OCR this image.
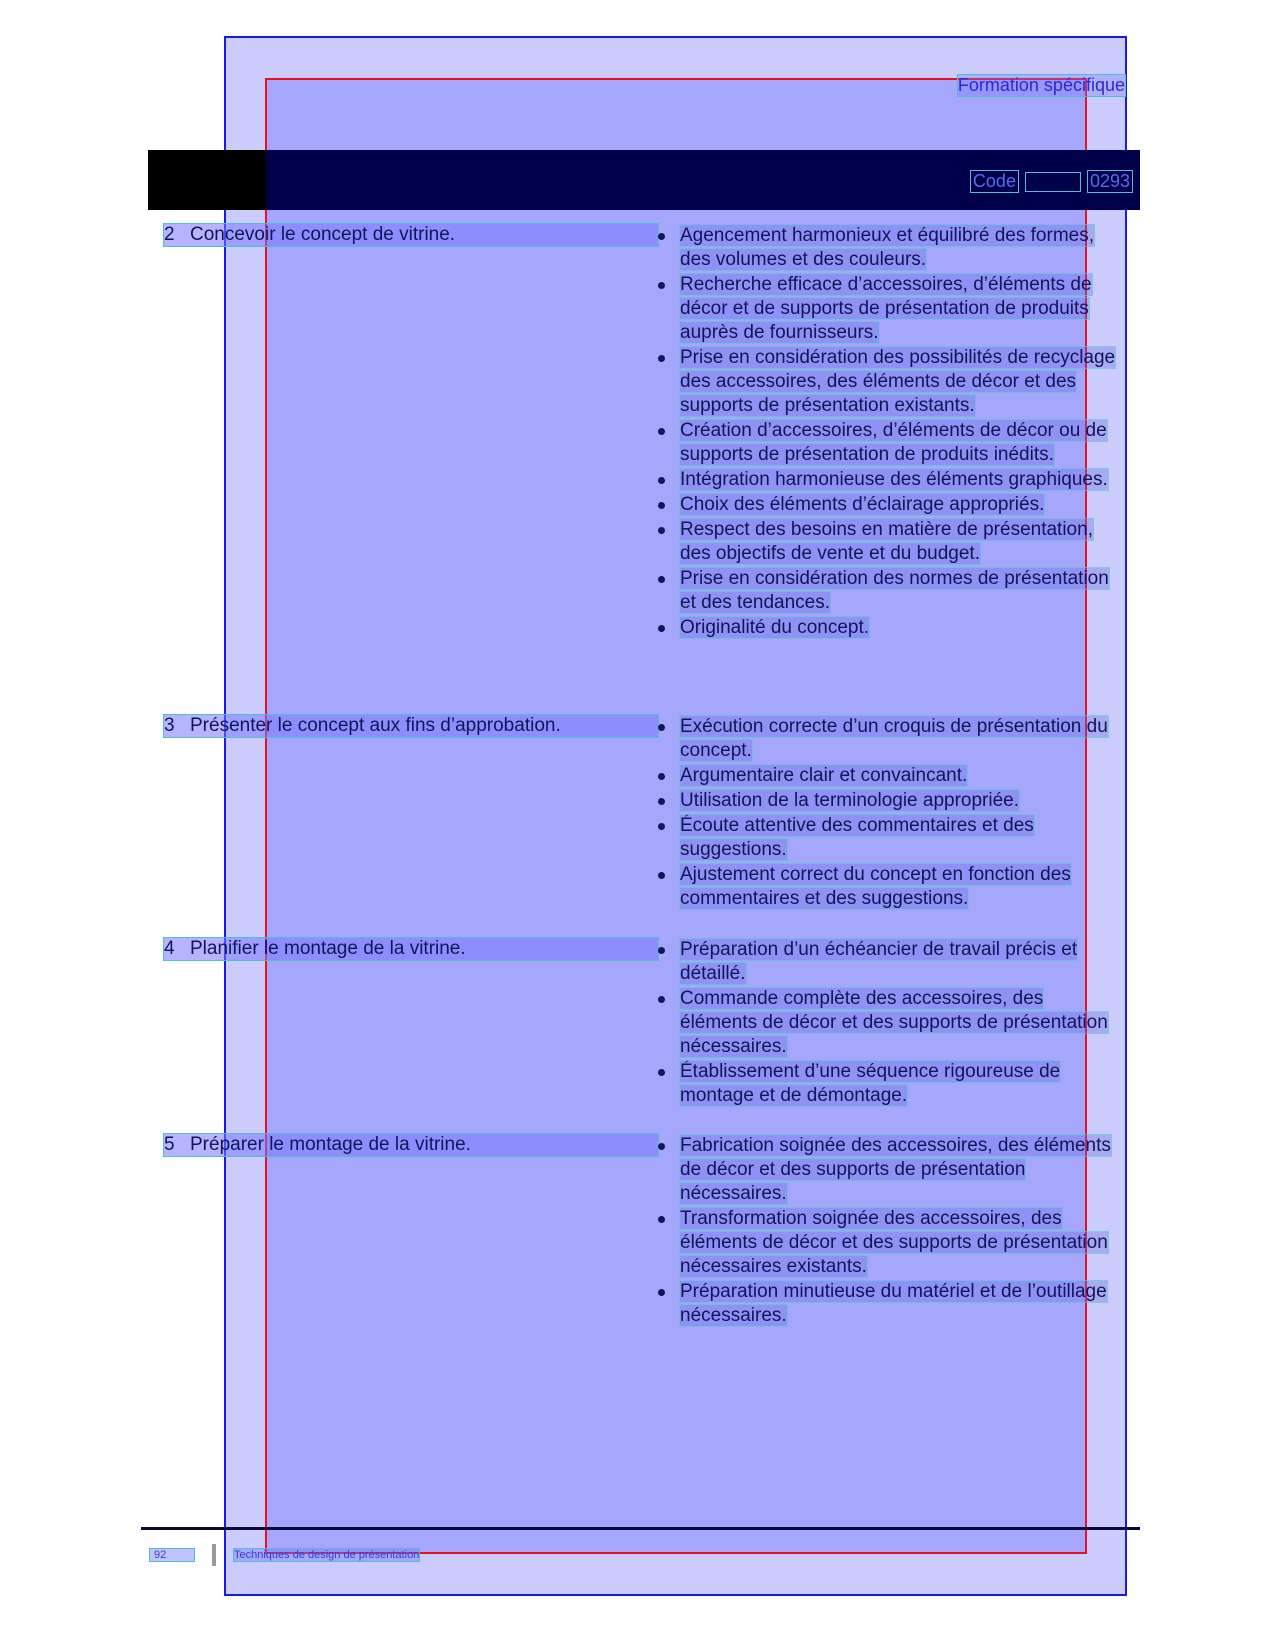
Formation spécifique
Code	0293
2 Concevoir le concept de vitrine.	Agencement harmonieux et équilibré des formes, des volumes et des couleurs.
Recherche efficace d’accessoires, d’éléments de décor et de supports de présentation de produits auprès de fournisseurs.
Prise en considération des possibilités de recyclage des accessoires, des éléments de décor et des supports de présentation existants.
Création d’accessoires, d’éléments de décor ou de supports de présentation de produits inédits.
Intégration harmonieuse des éléments graphiques.
Choix des éléments d’éclairage appropriés.
Respect des besoins en matière de présentation, des objectifs de vente et du budget.
Prise en considération des normes de présentation et des tendances.
Originalité du concept.
3 Présenter le concept aux fins d’approbation.	Exécution correcte d’un croquis de présentation du concept.
Argumentaire clair et convaincant.
Utilisation de la terminologie appropriée.
Écoute attentive des commentaires et des suggestions.
Ajustement correct du concept en fonction des commentaires et des suggestions.
4 Planifier le montage de la vitrine.	Préparation d’un échéancier de travail précis et détaillé.
Commande complète des accessoires, des éléments de décor et des supports de présentation nécessaires.
Établissement d’une séquence rigoureuse de montage et de démontage.
5 Préparer le montage de la vitrine.	Fabrication soignée des accessoires, des éléments de décor et des supports de présentation nécessaires.
Transformation soignée des accessoires, des éléments de décor et des supports de présentation nécessaires existants.
Préparation minutieuse du matériel et de l’outillage nécessaires.
92	Techniques de design de présentation
